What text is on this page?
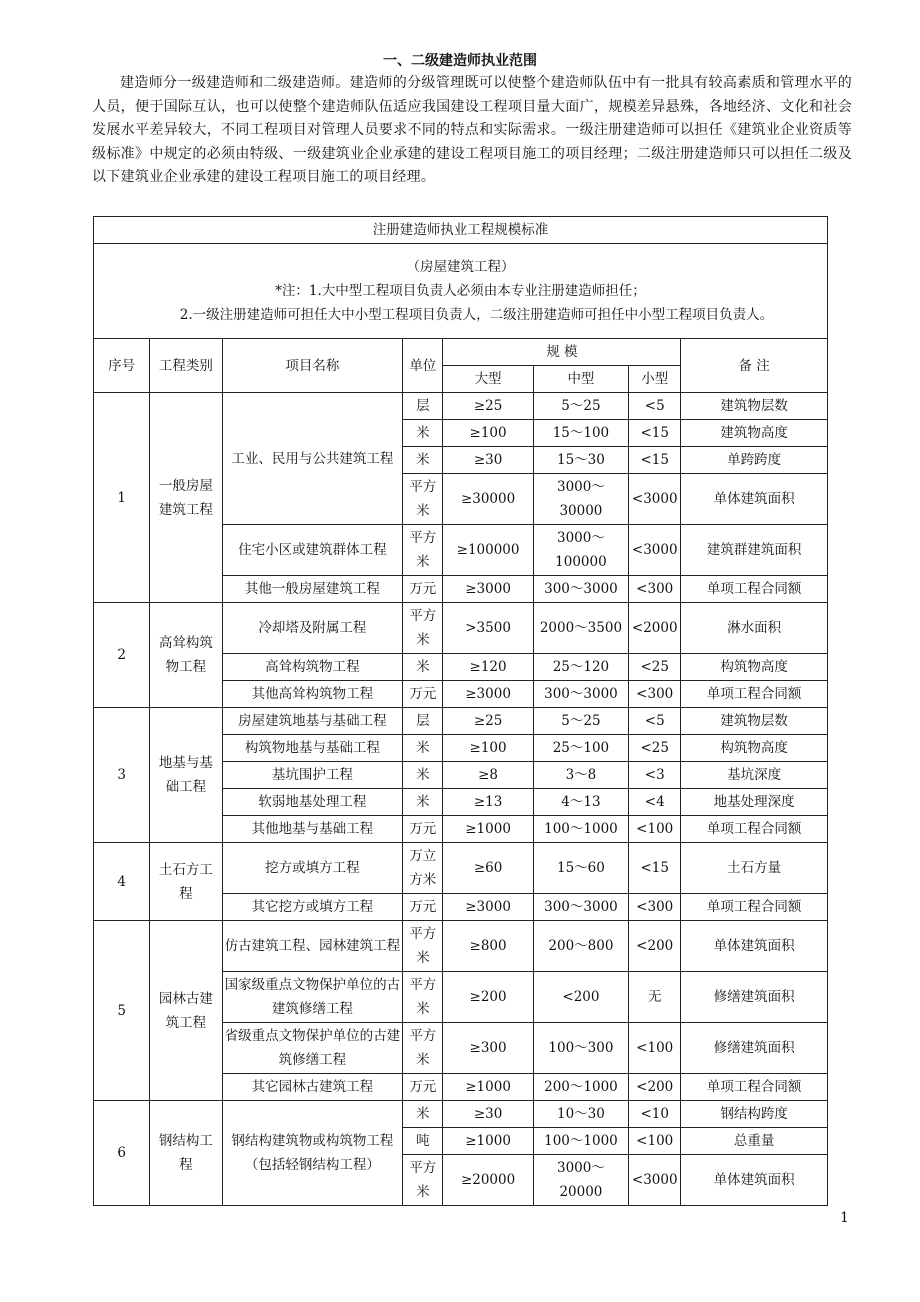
一、二级建造师执业范围

建造师分一级建造师和二级建造师。建造师的分级管理既可以使整个建造师队伍中有一批具有较高素质和管理水平的人员，便于国际互认，也可以使整个建造师队伍适应我国建设工程项目量大面广，规模差异悬殊，各地经济、文化和社会发展水平差异较大，不同工程项目对管理人员要求不同的特点和实际需求。一级注册建造师可以担任《建筑业企业资质等级标准》中规定的必须由特级、一级建筑业企业承建的建设工程项目施工的项目经理；二级注册建造师只可以担任二级及以下建筑业企业承建的建设工程项目施工的项目经理。

注册建造师执业工程规模标准							

（房屋建筑工程）
*注：1.大中型工程项目负责人必须由本专业注册建造师担任；
2.一级注册建造师可担任大中小型工程项目负责人，二级注册建造师可担任中小型工程项目负责人。							

序号	工程类别	项目名称	单位	规 模			备 注
				大型	中型	小型	
1	一般房屋建筑工程	工业、民用与公共建筑工程	层	≥25	5～25	<5	建筑物层数
			米	≥100	15～100	<15	建筑物高度
			米	≥30	15～30	<15	单跨跨度
			平方米	≥30000	3000～30000	<3000	单体建筑面积
		住宅小区或建筑群体工程	平方米	≥100000	3000～100000	<3000	建筑群建筑面积
		其他一般房屋建筑工程	万元	≥3000	300～3000	<300	单项工程合同额
2	高耸构筑物工程	冷却塔及附属工程	平方米	>3500	2000～3500	<2000	淋水面积
		高耸构筑物工程	米	≥120	25～120	<25	构筑物高度
		其他高耸构筑物工程	万元	≥3000	300～3000	<300	单项工程合同额
3	地基与基础工程	房屋建筑地基与基础工程	层	≥25	5～25	<5	建筑物层数
		构筑物地基与基础工程	米	≥100	25～100	<25	构筑物高度
		基坑围护工程	米	≥8	3～8	<3	基坑深度
		软弱地基处理工程	米	≥13	4～13	<4	地基处理深度
		其他地基与基础工程	万元	≥1000	100～1000	<100	单项工程合同额
4	土石方工程	挖方或填方工程	万立方米	≥60	15～60	<15	土石方量
		其它挖方或填方工程	万元	≥3000	300～3000	<300	单项工程合同额
5	园林古建筑工程	仿古建筑工程、园林建筑工程	平方米	≥800	200～800	<200	单体建筑面积
		国家级重点文物保护单位的古建筑修缮工程	平方米	≥200	<200	无	修缮建筑面积
		省级重点文物保护单位的古建筑修缮工程	平方米	≥300	100～300	<100	修缮建筑面积
		其它园林古建筑工程	万元	≥1000	200～1000	<200	单项工程合同额
6	钢结构工程	钢结构建筑物或构筑物工程（包括轻钢结构工程）	米	≥30	10～30	<10	钢结构跨度
			吨	≥1000	100～1000	<100	总重量
			平方米	≥20000	3000～20000	<3000	单体建筑面积
1
